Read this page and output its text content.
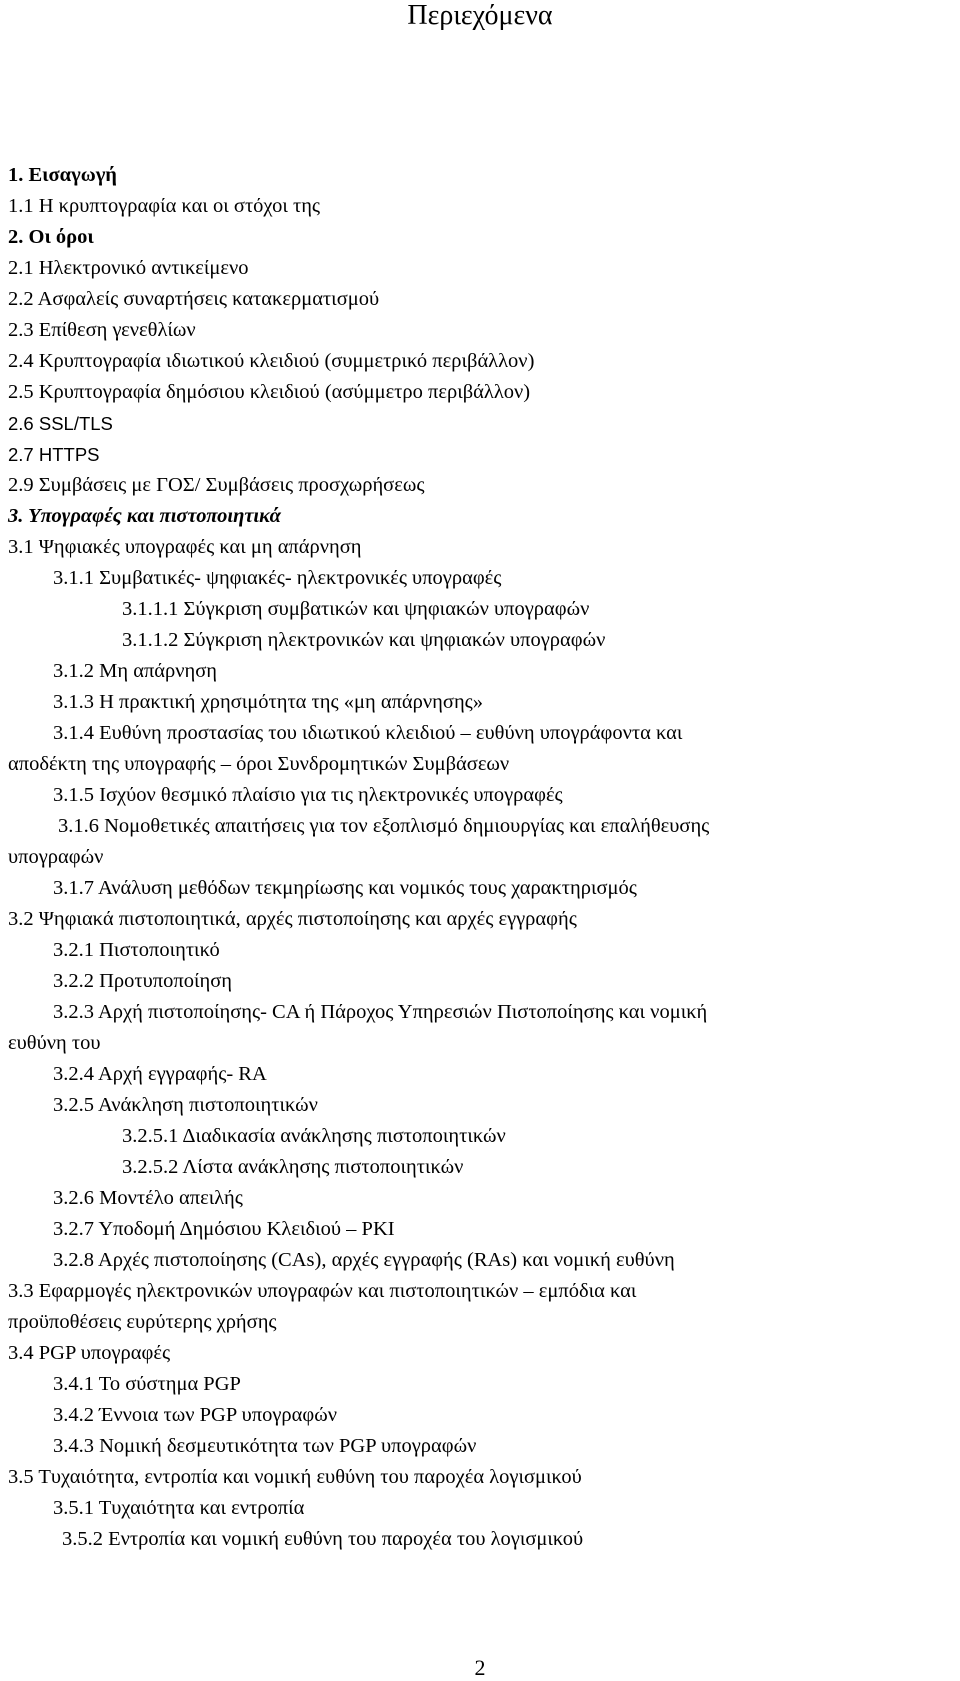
Περιεχόμενα
1. Εισαγωγή
1.1 Η κρυπτογραφία και οι στόχοι της
2. Οι όροι
2.1 Ηλεκτρονικό αντικείμενο
2.2 Ασφαλείς συναρτήσεις κατακερματισμού
2.3 Επίθεση γενεθλίων
2.4 Κρυπτογραφία ιδιωτικού κλειδιού (συμμετρικό περιβάλλον)
2.5 Κρυπτογραφία δημόσιου κλειδιού (ασύμμετρο περιβάλλον)
2.6 SSL/TLS
2.7 HTTPS
2.9 Συμβάσεις με ΓΟΣ/ Συμβάσεις προσχωρήσεως
3. Υπογραφές και πιστοποιητικά
3.1 Ψηφιακές υπογραφές και μη απάρνηση
3.1.1 Συμβατικές- ψηφιακές- ηλεκτρονικές υπογραφές
3.1.1.1 Σύγκριση συμβατικών και ψηφιακών υπογραφών
3.1.1.2 Σύγκριση ηλεκτρονικών και ψηφιακών υπογραφών
3.1.2 Μη απάρνηση
3.1.3 Η πρακτική χρησιμότητα της «μη απάρνησης»
3.1.4 Ευθύνη προστασίας του ιδιωτικού κλειδιού – ευθύνη υπογράφοντα και
αποδέκτη της υπογραφής – όροι Συνδρομητικών Συμβάσεων
3.1.5 Ισχύον θεσμικό πλαίσιο για τις ηλεκτρονικές υπογραφές
3.1.6 Νομοθετικές απαιτήσεις για τον εξοπλισμό δημιουργίας και επαλήθευσης
υπογραφών
3.1.7 Ανάλυση μεθόδων τεκμηρίωσης και νομικός τους χαρακτηρισμός
3.2 Ψηφιακά πιστοποιητικά, αρχές πιστοποίησης και αρχές εγγραφής
3.2.1 Πιστοποιητικό
3.2.2 Προτυποποίηση
3.2.3 Αρχή πιστοποίησης- CA ή Πάροχος Υπηρεσιών Πιστοποίησης και νομική
ευθύνη του
3.2.4 Αρχή εγγραφής- RA
3.2.5 Ανάκληση πιστοποιητικών
3.2.5.1 Διαδικασία ανάκλησης πιστοποιητικών
3.2.5.2 Λίστα ανάκλησης πιστοποιητικών
3.2.6 Μοντέλο απειλής
3.2.7 Υποδομή Δημόσιου Κλειδιού – PKI
3.2.8 Αρχές πιστοποίησης (CAs), αρχές εγγραφής (RAs) και νομική ευθύνη
3.3 Εφαρμογές ηλεκτρονικών υπογραφών και πιστοποιητικών – εμπόδια και
προϋποθέσεις ευρύτερης χρήσης
3.4 PGP υπογραφές
3.4.1 Το σύστημα PGP
3.4.2 Έννοια των PGP υπογραφών
3.4.3 Νομική δεσμευτικότητα των PGP υπογραφών
3.5 Τυχαιότητα, εντροπία και νομική ευθύνη του παροχέα λογισμικού
3.5.1 Τυχαιότητα και εντροπία
3.5.2 Εντροπία και νομική ευθύνη του παροχέα του λογισμικού
2
